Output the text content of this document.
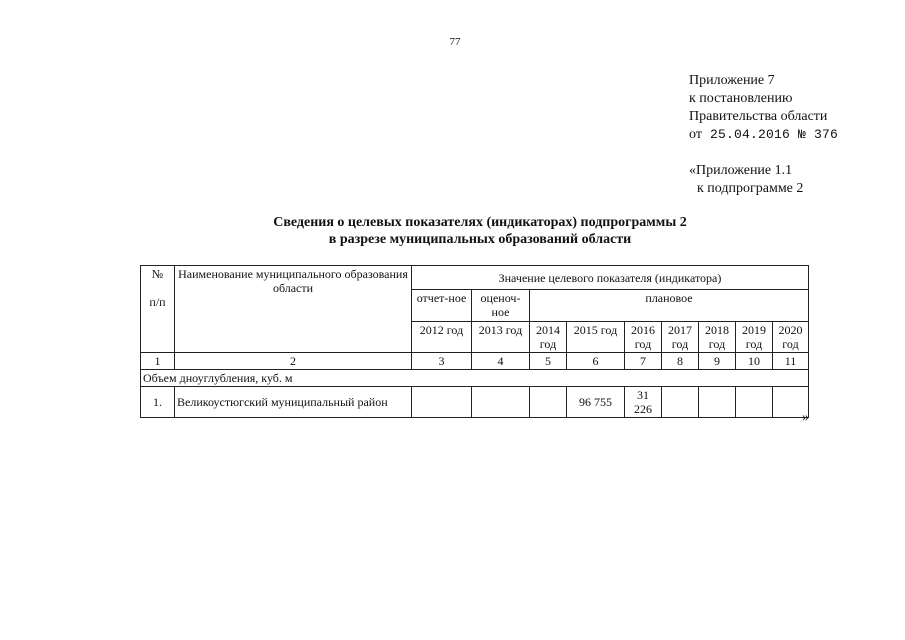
77
Приложение 7
к постановлению
Правительства области
от 25.04.2016 № 376
«Приложение 1.1
к подпрограмме 2
Сведения о целевых показателях (индикаторах) подпрограммы 2
в разрезе муниципальных образований области
№

п/п	Наименование муниципального образования области	Значение целевого показателя (индикатора)								
		отчет-ное	оценоч-ное	плановое						
		2012 год	2013 год	2014 год	2015 год	2016 год	2017 год	2018 год	2019 год	2020 год
1	2	3	4	5	6	7	8	9	10	11
Объем дноуглубления, куб. м										
1.	Великоустюгский муниципальный район				96 755	31 226				
»
